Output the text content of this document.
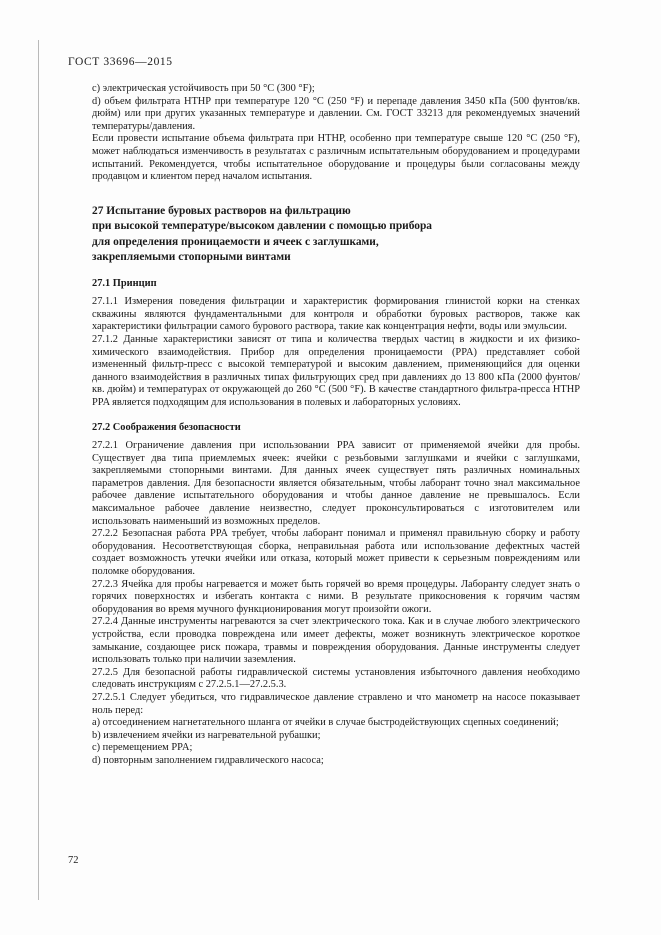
ГОСТ 33696—2015

c) электрическая устойчивость при 50 °C (300 °F);

d) объем фильтрата НТНР при температуре 120 °C (250 °F) и перепаде давления 3450 кПа (500 фунтов/кв. дюйм) или при других указанных температуре и давлении. См. ГОСТ 33213 для рекомендуемых значений температуры/давления.

Если провести испытание объема фильтрата при НТНР, особенно при температуре свыше 120 °C (250 °F), может наблюдаться изменчивость в результатах с различным испытательным оборудованием и процедурами испытаний. Рекомендуется, чтобы испытательное оборудование и процедуры были согласованы между продавцом и клиентом перед началом испытания.

27 Испытание буровых растворов на фильтрацию
при высокой температуре/высоком давлении с помощью прибора
для определения проницаемости и ячеек с заглушками,
закрепляемыми стопорными винтами

27.1 Принцип

27.1.1 Измерения поведения фильтрации и характеристик формирования глинистой корки на стенках скважины являются фундаментальными для контроля и обработки буровых растворов, также как характеристики фильтрации самого бурового раствора, такие как концентрация нефти, воды или эмульсии.

27.1.2 Данные характеристики зависят от типа и количества твердых частиц в жидкости и их физико-химического взаимодействия. Прибор для определения проницаемости (PPA) представляет собой измененный фильтр-пресс с высокой температурой и высоким давлением, применяющийся для оценки данного взаимодействия в различных типах фильтрующих сред при давлениях до 13 800 кПа (2000 фунтов/кв. дюйм) и температурах от окружающей до 260 °C (500 °F). В качестве стандартного фильтра-пресса НТНР PPA является подходящим для использования в полевых и лабораторных условиях.

27.2 Соображения безопасности

27.2.1 Ограничение давления при использовании PPA зависит от применяемой ячейки для пробы. Существует два типа приемлемых ячеек: ячейки с резьбовыми заглушками и ячейки с заглушками, закрепляемыми стопорными винтами. Для данных ячеек существует пять различных номинальных параметров давления. Для безопасности является обязательным, чтобы лаборант точно знал максимальное рабочее давление испытательного оборудования и чтобы данное давление не превышалось. Если максимальное рабочее давление неизвестно, следует проконсультироваться с изготовителем или использовать наименьший из возможных пределов.

27.2.2 Безопасная работа PPA требует, чтобы лаборант понимал и применял правильную сборку и работу оборудования. Несоответствующая сборка, неправильная работа или использование дефектных частей создает возможность утечки ячейки или отказа, который может привести к серьезным повреждениям или поломке оборудования.

27.2.3 Ячейка для пробы нагревается и может быть горячей во время процедуры. Лаборанту следует знать о горячих поверхностях и избегать контакта с ними. В результате прикосновения к горячим частям оборудования во время мучного функционирования могут произойти ожоги.

27.2.4 Данные инструменты нагреваются за счет электрического тока. Как и в случае любого электрического устройства, если проводка повреждена или имеет дефекты, может возникнуть электрическое короткое замыкание, создающее риск пожара, травмы и повреждения оборудования. Данные инструменты следует использовать только при наличии заземления.

27.2.5 Для безопасной работы гидравлической системы установления избыточного давления необходимо следовать инструкциям с 27.2.5.1—27.2.5.3.

27.2.5.1 Следует убедиться, что гидравлическое давление стравлено и что манометр на насосе показывает ноль перед:

a) отсоединением нагнетательного шланга от ячейки в случае быстродействующих сцепных соединений;

b) извлечением ячейки из нагревательной рубашки;

c) перемещением PPA;

d) повторным заполнением гидравлического насоса;

72
